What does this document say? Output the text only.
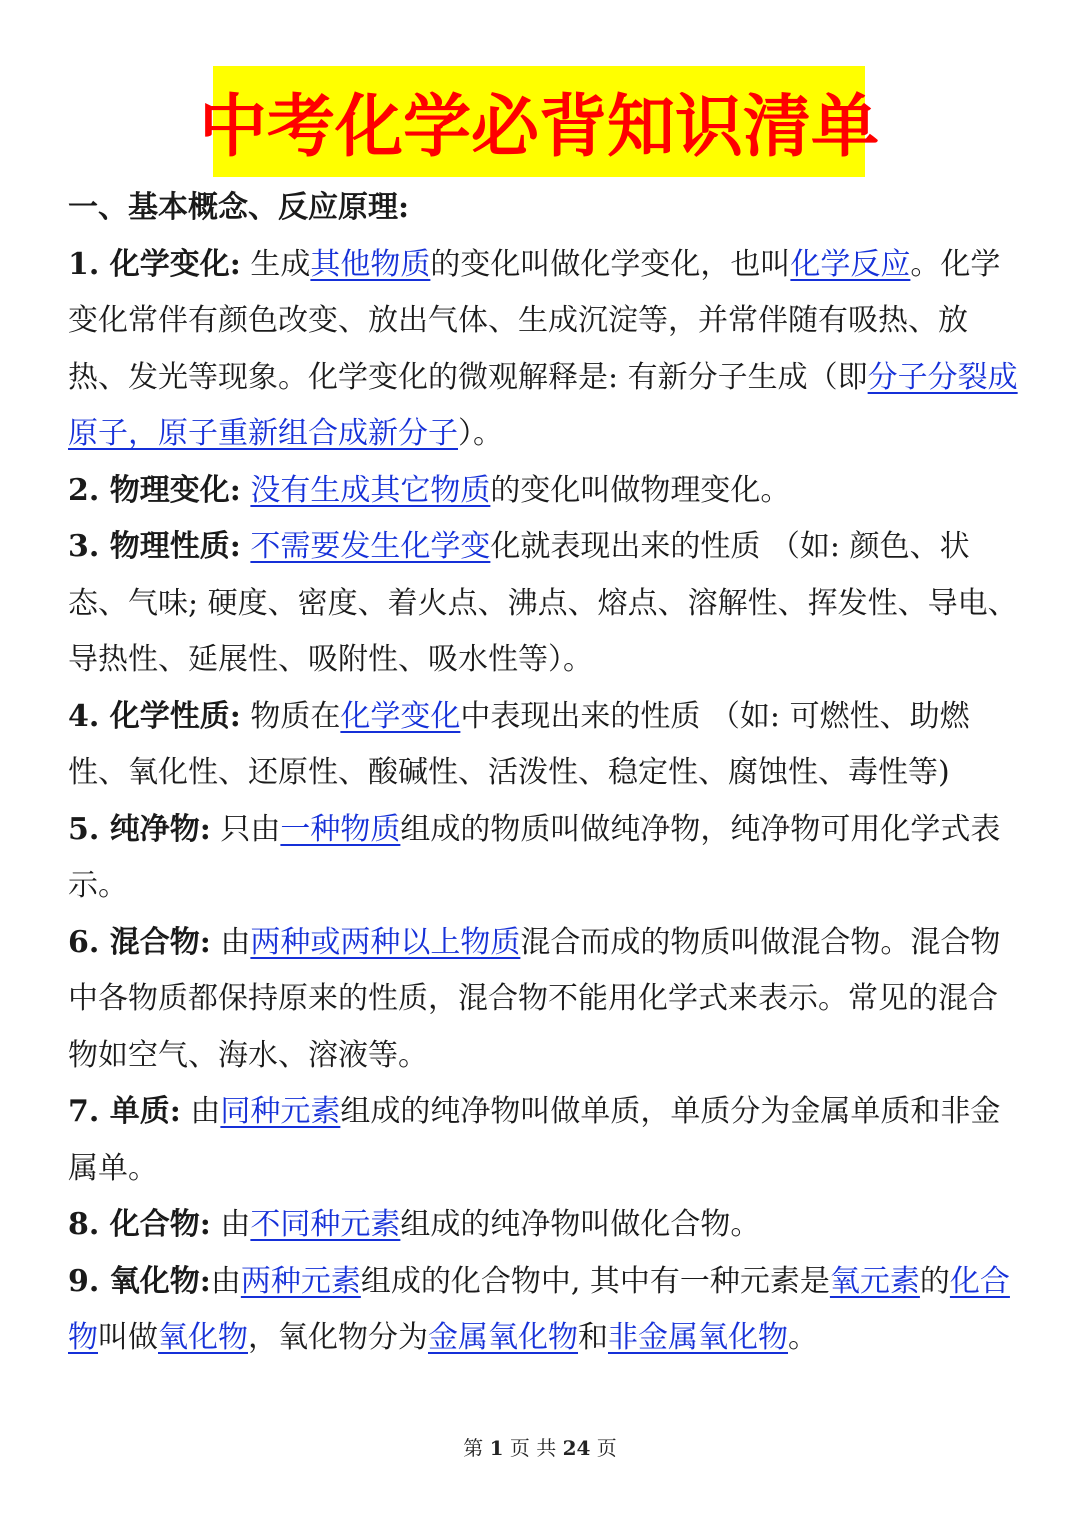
中考化学必背知识清单
一、基本概念、反应原理:
1. 化学变化: 生成其他物质的变化叫做化学变化，也叫化学反应。化学变化常伴有颜色改变、放出气体、生成沉淀等，并常伴随有吸热、放热、发光等现象。化学变化的微观解释是: 有新分子生成（即分子分裂成原子，原子重新组合成新分子）。
2. 物理变化: 没有生成其它物质的变化叫做物理变化。
3. 物理性质: 不需要发生化学变化就表现出来的性质 （如: 颜色、状态、气味; 硬度、密度、着火点、沸点、熔点、溶解性、挥发性、导电、导热性、延展性、吸附性、吸水性等）。
4. 化学性质: 物质在化学变化中表现出来的性质 （如: 可燃性、助燃性、氧化性、还原性、酸碱性、活泼性、稳定性、腐蚀性、毒性等)
5. 纯净物: 只由一种物质组成的物质叫做纯净物，纯净物可用化学式表示。
6. 混合物: 由两种或两种以上物质混合而成的物质叫做混合物。混合物中各物质都保持原来的性质，混合物不能用化学式来表示。常见的混合物如空气、海水、溶液等。
7. 单质: 由同种元素组成的纯净物叫做单质，单质分为金属单质和非金属单。
8. 化合物: 由不同种元素组成的纯净物叫做化合物。
9. 氧化物:由两种元素组成的化合物中, 其中有一种元素是氧元素的化合物叫做氧化物，氧化物分为金属氧化物和非金属氧化物。
第 1 页 共 24 页
